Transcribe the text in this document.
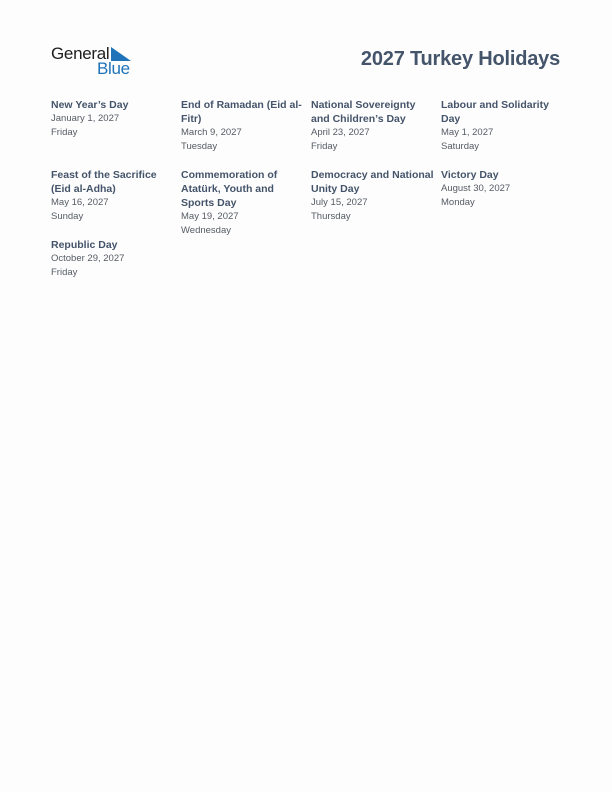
General
Blue	2027 Turkey Holidays
New Year’s Day
January 1, 2027
Friday
End of Ramadan (Eid al-Fitr)
March 9, 2027
Tuesday
National Sovereignty and Children’s Day
April 23, 2027
Friday
Labour and Solidarity Day
May 1, 2027
Saturday
Feast of the Sacrifice (Eid al-Adha)
May 16, 2027
Sunday
Commemoration of Atatürk, Youth and Sports Day
May 19, 2027
Wednesday
Democracy and National Unity Day
July 15, 2027
Thursday
Victory Day
August 30, 2027
Monday
Republic Day
October 29, 2027
Friday
